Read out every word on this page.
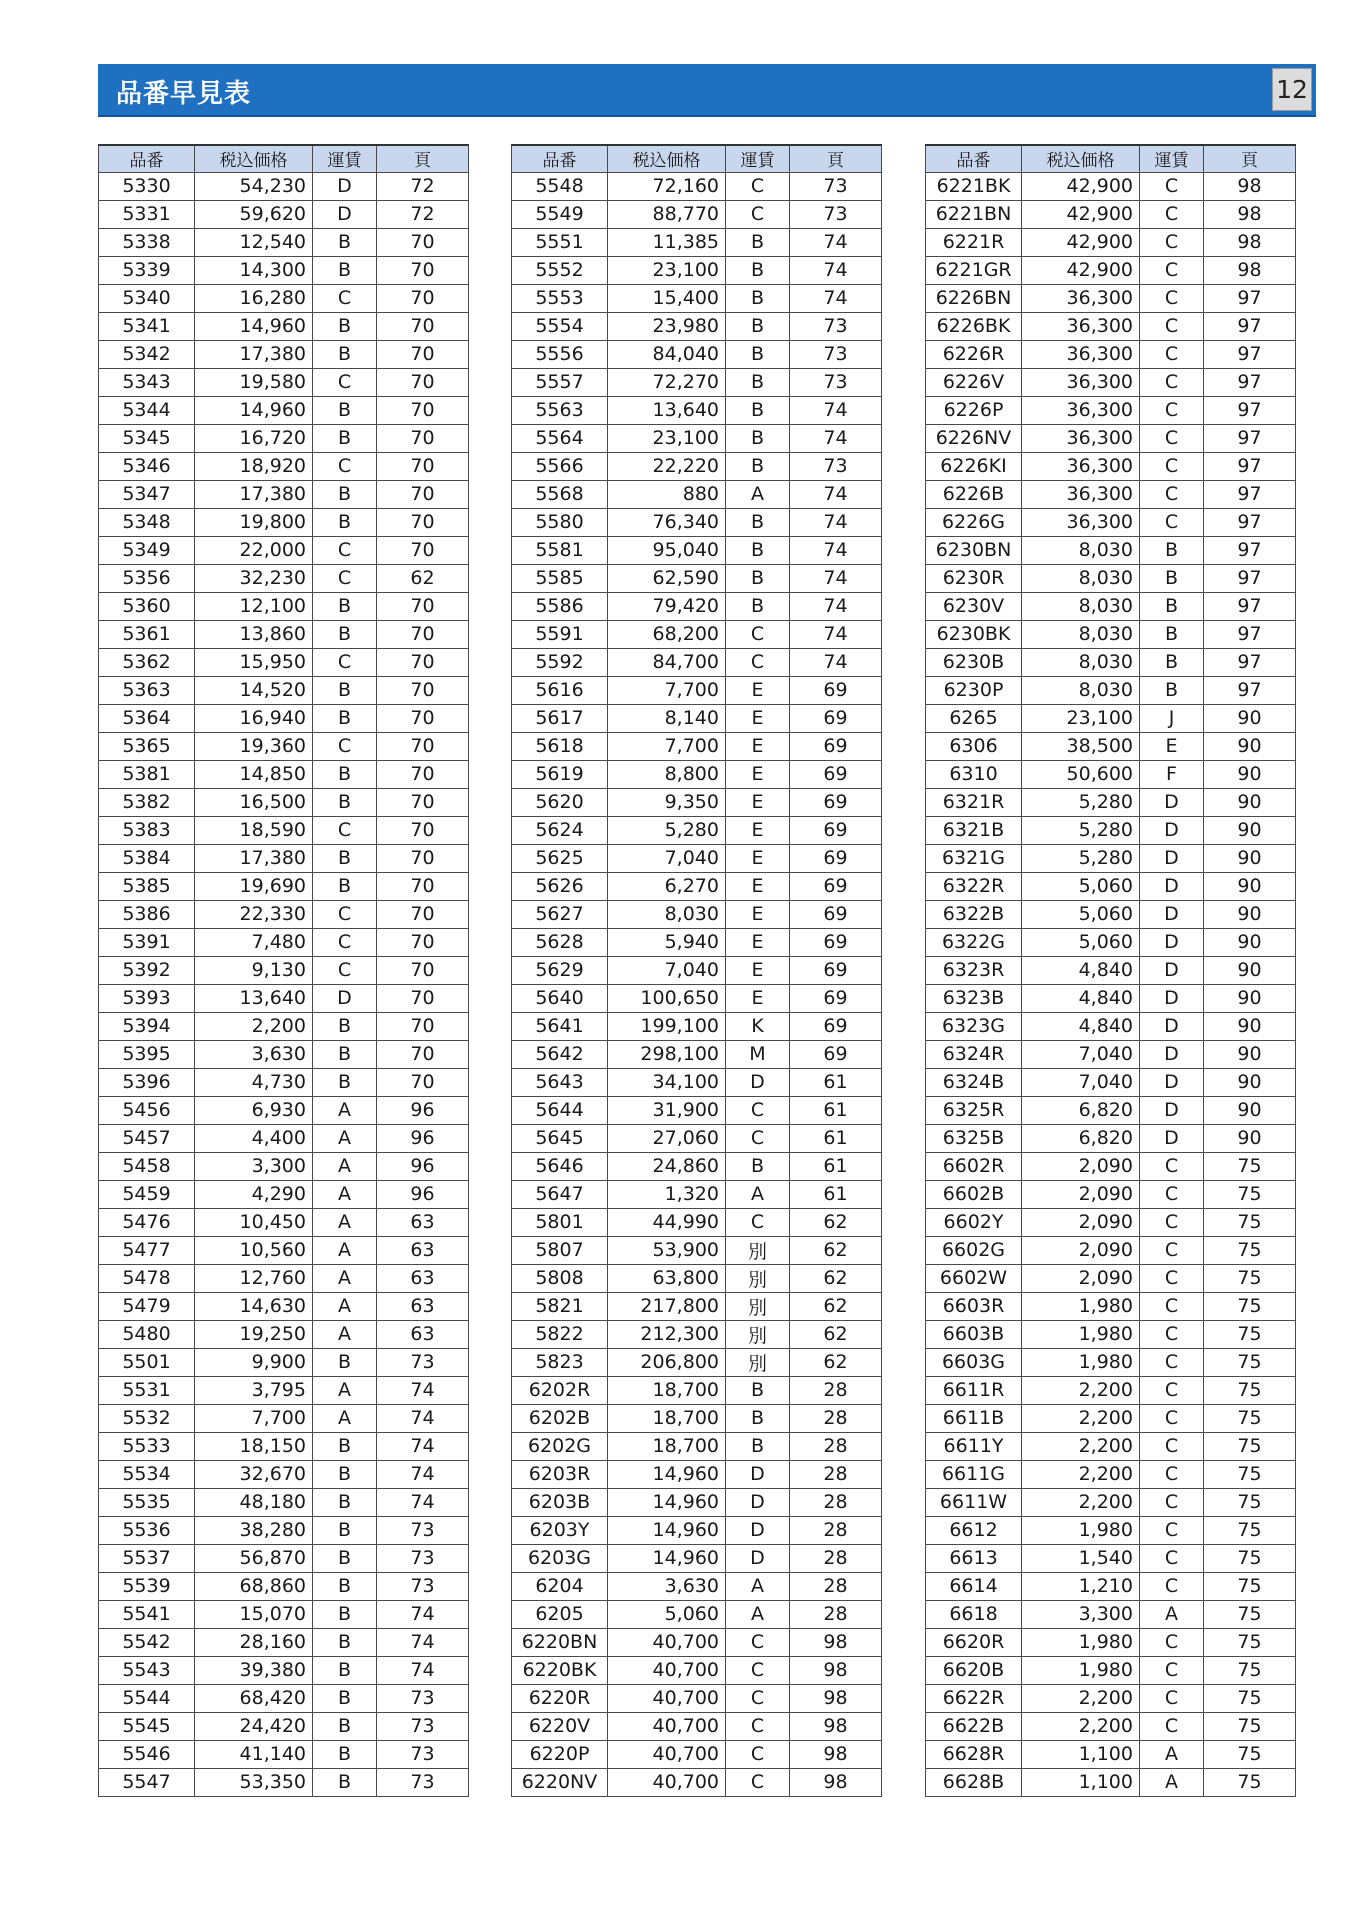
品番早見表	12
品番	税込価格	運賃	頁
5330	54,230	D	72
5331	59,620	D	72
5338	12,540	B	70
5339	14,300	B	70
5340	16,280	C	70
5341	14,960	B	70
5342	17,380	B	70
5343	19,580	C	70
5344	14,960	B	70
5345	16,720	B	70
5346	18,920	C	70
5347	17,380	B	70
5348	19,800	B	70
5349	22,000	C	70
5356	32,230	C	62
5360	12,100	B	70
5361	13,860	B	70
5362	15,950	C	70
5363	14,520	B	70
5364	16,940	B	70
5365	19,360	C	70
5381	14,850	B	70
5382	16,500	B	70
5383	18,590	C	70
5384	17,380	B	70
5385	19,690	B	70
5386	22,330	C	70
5391	7,480	C	70
5392	9,130	C	70
5393	13,640	D	70
5394	2,200	B	70
5395	3,630	B	70
5396	4,730	B	70
5456	6,930	A	96
5457	4,400	A	96
5458	3,300	A	96
5459	4,290	A	96
5476	10,450	A	63
5477	10,560	A	63
5478	12,760	A	63
5479	14,630	A	63
5480	19,250	A	63
5501	9,900	B	73
5531	3,795	A	74
5532	7,700	A	74
5533	18,150	B	74
5534	32,670	B	74
5535	48,180	B	74
5536	38,280	B	73
5537	56,870	B	73
5539	68,860	B	73
5541	15,070	B	74
5542	28,160	B	74
5543	39,380	B	74
5544	68,420	B	73
5545	24,420	B	73
5546	41,140	B	73
5547	53,350	B	73
品番	税込価格	運賃	頁
5548	72,160	C	73
5549	88,770	C	73
5551	11,385	B	74
5552	23,100	B	74
5553	15,400	B	74
5554	23,980	B	73
5556	84,040	B	73
5557	72,270	B	73
5563	13,640	B	74
5564	23,100	B	74
5566	22,220	B	73
5568	880	A	74
5580	76,340	B	74
5581	95,040	B	74
5585	62,590	B	74
5586	79,420	B	74
5591	68,200	C	74
5592	84,700	C	74
5616	7,700	E	69
5617	8,140	E	69
5618	7,700	E	69
5619	8,800	E	69
5620	9,350	E	69
5624	5,280	E	69
5625	7,040	E	69
5626	6,270	E	69
5627	8,030	E	69
5628	5,940	E	69
5629	7,040	E	69
5640	100,650	E	69
5641	199,100	K	69
5642	298,100	M	69
5643	34,100	D	61
5644	31,900	C	61
5645	27,060	C	61
5646	24,860	B	61
5647	1,320	A	61
5801	44,990	C	62
5807	53,900	別	62
5808	63,800	別	62
5821	217,800	別	62
5822	212,300	別	62
5823	206,800	別	62
6202R	18,700	B	28
6202B	18,700	B	28
6202G	18,700	B	28
6203R	14,960	D	28
6203B	14,960	D	28
6203Y	14,960	D	28
6203G	14,960	D	28
6204	3,630	A	28
6205	5,060	A	28
6220BN	40,700	C	98
6220BK	40,700	C	98
6220R	40,700	C	98
6220V	40,700	C	98
6220P	40,700	C	98
6220NV	40,700	C	98
品番	税込価格	運賃	頁
6221BK	42,900	C	98
6221BN	42,900	C	98
6221R	42,900	C	98
6221GR	42,900	C	98
6226BN	36,300	C	97
6226BK	36,300	C	97
6226R	36,300	C	97
6226V	36,300	C	97
6226P	36,300	C	97
6226NV	36,300	C	97
6226KI	36,300	C	97
6226B	36,300	C	97
6226G	36,300	C	97
6230BN	8,030	B	97
6230R	8,030	B	97
6230V	8,030	B	97
6230BK	8,030	B	97
6230B	8,030	B	97
6230P	8,030	B	97
6265	23,100	J	90
6306	38,500	E	90
6310	50,600	F	90
6321R	5,280	D	90
6321B	5,280	D	90
6321G	5,280	D	90
6322R	5,060	D	90
6322B	5,060	D	90
6322G	5,060	D	90
6323R	4,840	D	90
6323B	4,840	D	90
6323G	4,840	D	90
6324R	7,040	D	90
6324B	7,040	D	90
6325R	6,820	D	90
6325B	6,820	D	90
6602R	2,090	C	75
6602B	2,090	C	75
6602Y	2,090	C	75
6602G	2,090	C	75
6602W	2,090	C	75
6603R	1,980	C	75
6603B	1,980	C	75
6603G	1,980	C	75
6611R	2,200	C	75
6611B	2,200	C	75
6611Y	2,200	C	75
6611G	2,200	C	75
6611W	2,200	C	75
6612	1,980	C	75
6613	1,540	C	75
6614	1,210	C	75
6618	3,300	A	75
6620R	1,980	C	75
6620B	1,980	C	75
6622R	2,200	C	75
6622B	2,200	C	75
6628R	1,100	A	75
6628B	1,100	A	75
